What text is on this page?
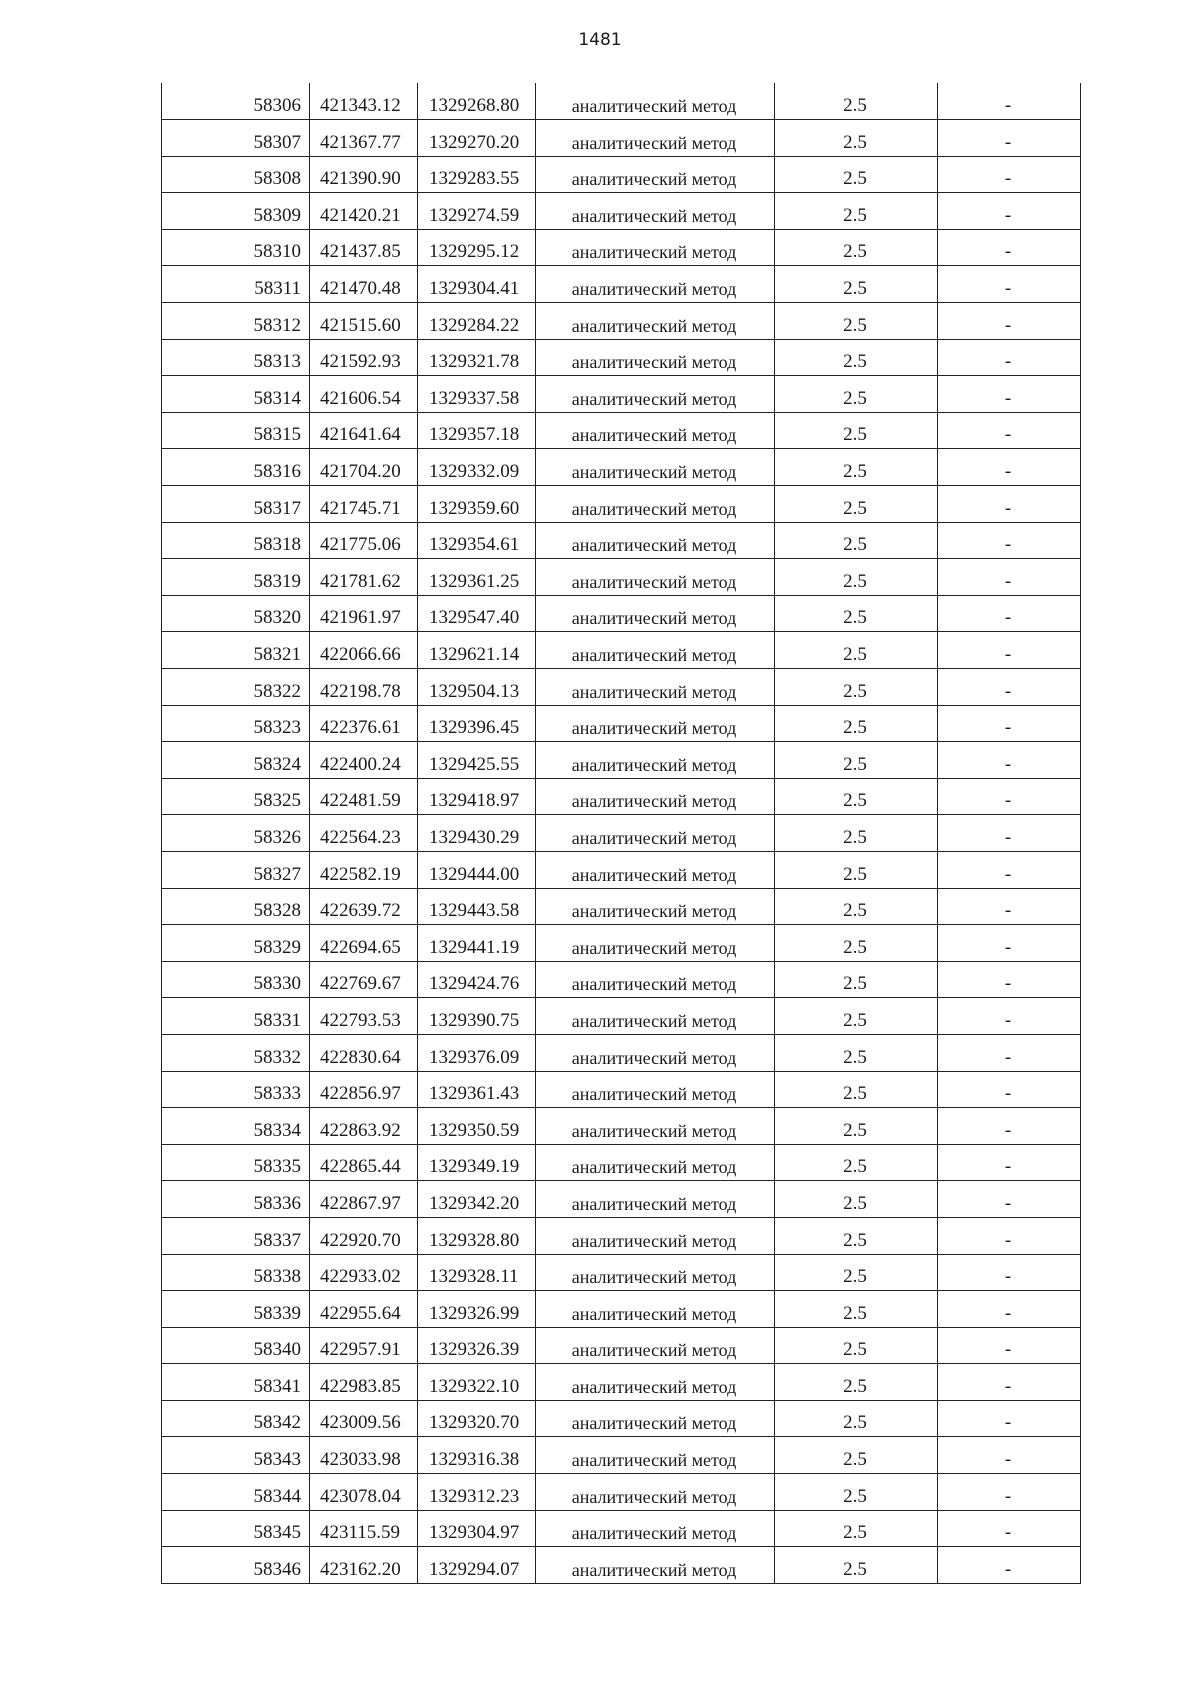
1481
58306	421343.12	1329268.80	аналитический метод	2.5	-
58307	421367.77	1329270.20	аналитический метод	2.5	-
58308	421390.90	1329283.55	аналитический метод	2.5	-
58309	421420.21	1329274.59	аналитический метод	2.5	-
58310	421437.85	1329295.12	аналитический метод	2.5	-
58311	421470.48	1329304.41	аналитический метод	2.5	-
58312	421515.60	1329284.22	аналитический метод	2.5	-
58313	421592.93	1329321.78	аналитический метод	2.5	-
58314	421606.54	1329337.58	аналитический метод	2.5	-
58315	421641.64	1329357.18	аналитический метод	2.5	-
58316	421704.20	1329332.09	аналитический метод	2.5	-
58317	421745.71	1329359.60	аналитический метод	2.5	-
58318	421775.06	1329354.61	аналитический метод	2.5	-
58319	421781.62	1329361.25	аналитический метод	2.5	-
58320	421961.97	1329547.40	аналитический метод	2.5	-
58321	422066.66	1329621.14	аналитический метод	2.5	-
58322	422198.78	1329504.13	аналитический метод	2.5	-
58323	422376.61	1329396.45	аналитический метод	2.5	-
58324	422400.24	1329425.55	аналитический метод	2.5	-
58325	422481.59	1329418.97	аналитический метод	2.5	-
58326	422564.23	1329430.29	аналитический метод	2.5	-
58327	422582.19	1329444.00	аналитический метод	2.5	-
58328	422639.72	1329443.58	аналитический метод	2.5	-
58329	422694.65	1329441.19	аналитический метод	2.5	-
58330	422769.67	1329424.76	аналитический метод	2.5	-
58331	422793.53	1329390.75	аналитический метод	2.5	-
58332	422830.64	1329376.09	аналитический метод	2.5	-
58333	422856.97	1329361.43	аналитический метод	2.5	-
58334	422863.92	1329350.59	аналитический метод	2.5	-
58335	422865.44	1329349.19	аналитический метод	2.5	-
58336	422867.97	1329342.20	аналитический метод	2.5	-
58337	422920.70	1329328.80	аналитический метод	2.5	-
58338	422933.02	1329328.11	аналитический метод	2.5	-
58339	422955.64	1329326.99	аналитический метод	2.5	-
58340	422957.91	1329326.39	аналитический метод	2.5	-
58341	422983.85	1329322.10	аналитический метод	2.5	-
58342	423009.56	1329320.70	аналитический метод	2.5	-
58343	423033.98	1329316.38	аналитический метод	2.5	-
58344	423078.04	1329312.23	аналитический метод	2.5	-
58345	423115.59	1329304.97	аналитический метод	2.5	-
58346	423162.20	1329294.07	аналитический метод	2.5	-
